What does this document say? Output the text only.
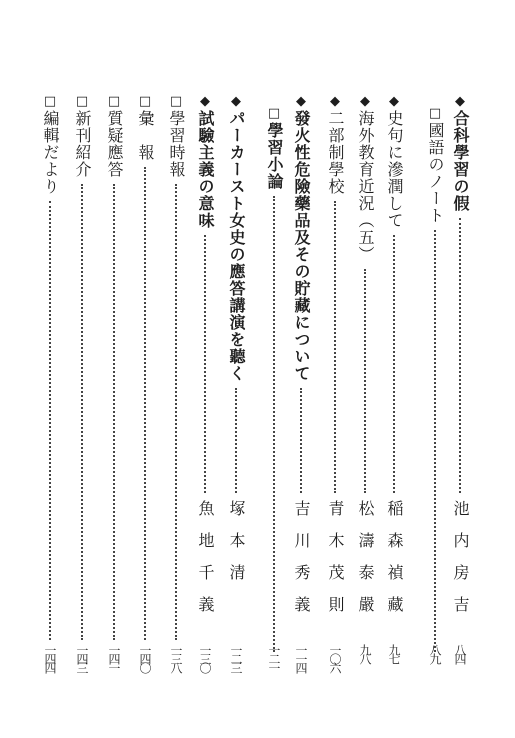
◆
合科學習の假
池内房吉
八四
□
國語のノート
八九
◆
史句に滲潤して
稲森禎藏
九七
◆
海外教育近況（五）
松濤泰嚴
九八
◆
二部制學校
青木茂則
一〇六
◆
發火性危險藥品及その貯藏について
吉川秀義
一一四
□
學習小論
一二一
◆
パーカースト女史の應答講演を聽く
塚本清
一二三
◆
試驗主義の意味
魚地千義
一三〇
□
學習時報
一三八
□
彙　報
一四〇
□
質疑應答
一四一
□
新刊紹介
一四三
□
編輯だより
一四四
